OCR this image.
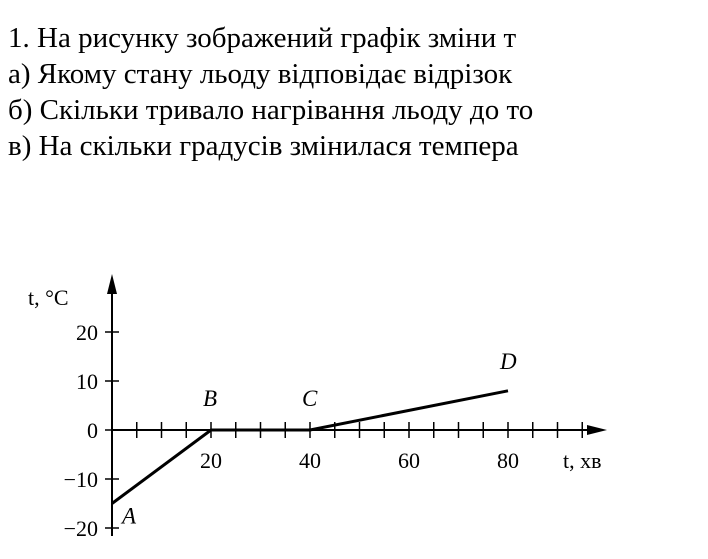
1. На рисунку зображений графік зміни т
а) Якому стану льоду відповідає відрізок
б) Скільки тривало нагрівання льоду до то
в) На скільки градусів змінилася темпера
20
10
0
−10
−20
20	40	60	80
t, °C
t, хв
A
B	C
D
